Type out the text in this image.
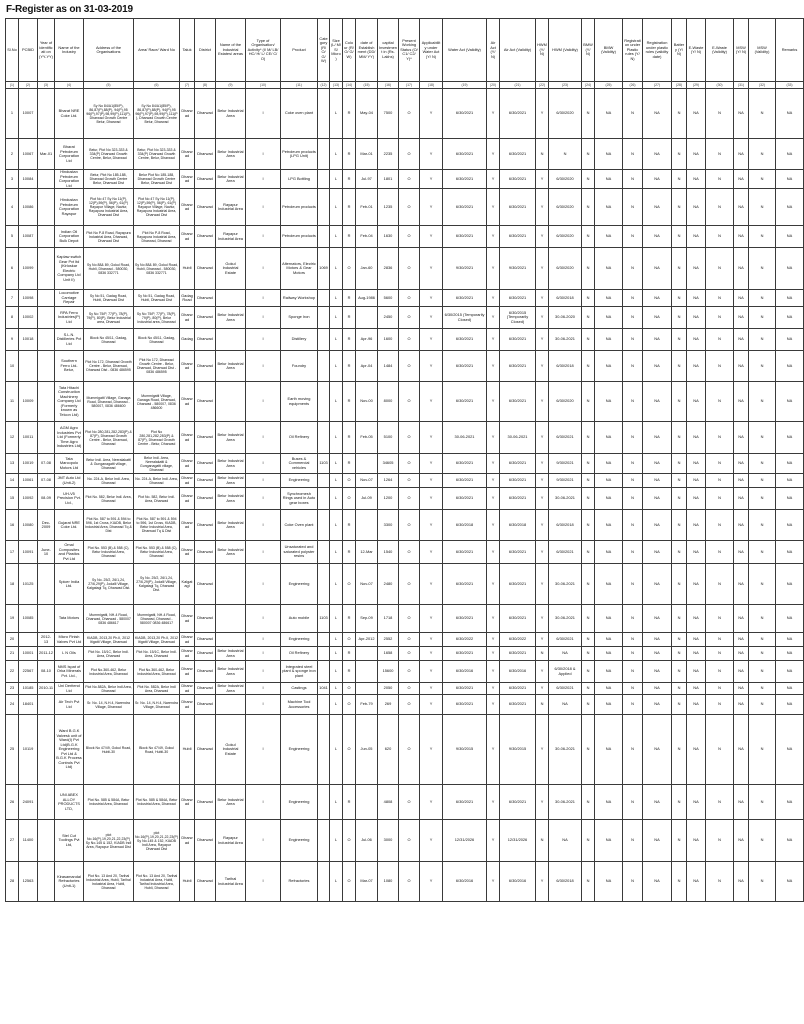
F-Register as on 31-03-2019
Sl.No	PCBID	Year of identificati on (YY-YY)	Name of the Industry	Address of the Organisations	Area/ Race/ Ward No	Taluk	District	Name of the Industrial Estates/ areas	Type of Organisation/ Activity* (I/ M/ LB/ HC/ H/ L/ CE/ C/ O)	Product	Category (R/ O/ G/ W)	Size (L/ M/ S/ Micro)	Colour (R/ O/ G/ W)	date of Establishment (DD/ MM/ YY)	capital Investment in (Rs. Lakhs)	Present Working Status (O/ C1/ C2/ Y)*	Applicability under Water Act (Y/ N)	Water Act (Validity)	Air Act (Y/ N)	Air Act (Validity)	HWM (Y/ N)	HWM (Validity)	BMW (Y/ N)	BMW (Validity)	Registration under Plastic rules (Y/ N)	Registration under plastic rules (validity date)	Battery (Y/ N)	E-Waste (Y/ N)	E-Waste (Validity)	MSW (Y/ N)	MSW (Validity)	Remarks	
(1)	(2)	(3)	(4)	(5)	(6)	(7)	(8)	(9)	(10)	(11)	(12)	(13)	(14)	(15)	(16)	(17)	(18)	(19)	(20)	(21)	(22)	(23)	(24)	(25)	(26)	(27)	(28)	(29)	(30)	(31)	(32)	(33)	
1	10007		Bharat NRE Coke Ltd.	Sy No 84/A1(85/P), 86,87(P),88(P), 94(P),95 96(P),97(P),98,99(P),111(P), Dharwad Growth Centre Belur, Dharwad	Sy No 84/A1(85/P), 86,87(P),88(P), 94(P),95 96(P),97(P),98,99(P),111(P), Dharwad Growth Centre Belur, Dharwad	Dharwad	Dharwad	Belur Industrial Area	I	Coke oven plant		L	R	May-04	7500	O	Y	6/30/2021	Y	6/30/2021	Y	6/30/2020	N	NA	N	NA	N	NA	N	NA	N	NA	
2	10067	Mar-01	Bharat Petroleum Corporation Ltd	Belur, Plot No 323-333 & 334(P) Dharwad Growth Centre, Belur, Dharwad	Belur, Plot No 323-333 & 334(P) Dharwad Growth Centre, Belur, Dharwad	Dharwad	Dharwad	Belur Industrial Area	I	Petroleum products (LPG Unit)		L	R	Mar-01	2235	O	Y	6/30/2021	Y	6/30/2021	N	N	N	NA	N	NA	N	NA	N	NA	N	NA	
3	10084		Hindustan Petroleum Corporation Ltd	Belur, Plot No 185-188, Dharwad Growth Centre Belur, Dharwad Dist	Belur Plot No 185-188, Dharwad Growth Centre Belur, Dharwad Dist	Dharwad	Dharwad	Belur Industrial Area	I	LPG Bottling		L	R	Jul-97	1801	O	Y	6/30/2021	Y	6/30/2021	Y	6/30/2020	N	NA	N	NA	N	NA	N	NA	N	NA	
4	10086		Hindustan Petroleum Corporation Rayapur	Plot No 47 Sy No 11(P), 12(P),59(P), 56(P), 61(P) Rayapur Village, Navlur, Rayapura Industrial Area, Dharwad Dist	Plot No 47 Sy No 11(P), 12(P),59(P), 56(P), 61(P) Rayapur Village, Navlur, Rayapura Industrial Area, Dharwad Dist	Dharwad	Dharwad	Rayapur Industrial Area	I	Petroleum products		L	R	Feb-01	1235	O	Y	6/30/2021	Y	6/30/2021	Y	6/30/2020	N	NA	N	NA	N	NA	N	NA	N	NA	
5	10087		Indian Oil Corporation Bulk Depot	Plot No P-8 Road, Rayapura Industrial Area, Dharwad, Dharwad Dist	Plot No P-8 Road, Rayapura Industrial Area, Dharwad, Dharwad	Dharwad	Dharwad	Rayapur Industrial Area	I	Petroleum products		L	R	Feb-04	1630	O	Y	6/30/2021	Y	6/30/2021	Y	6/30/2020	N	NA	N	NA	N	NA	N	NA	N	NA	
6	10099		Kaplaw switch Gear Pvt ltd (Kirloskar Electric Company Ltd Unit II)	Sy No 88& 89, Gokul Road, Hubli, Dharwad - 580030, 0836 332771	Sy No 88& 89, Gokul Road, Hubli, Dharwad - 580030, 0836 332771	Hubli	Dharwad	Gokul Industrial Estate	I	Alternators, Electric Motors & Gear Motors	1069	L	O	Jan-60	2836	O	Y	9/30/2021	Y	9/30/2021	Y	6/30/2020	N	NA	N	NA	N	NA	N	NA	N	NA	
7	10098		Locomotive Carriage Repair	Sy No 51, Gadag Road, Hubli, Dharwad Dist	Sy No 51, Gadag Road, Hubli, Dharwad Dist	Gadag Road	Dharwad		I	Railway Workshop		L	R	Aug-1986	5600	O	Y	6/30/2021	Y	6/30/2021	Y	6/30/2018	N	NA	N	NA	N	NA	N	NA	N	NA	
8	10002		RPA Ferro Industries(P) Ltd	Sy No 75/P, 77(P), 78(P), 79(P), 80(P), Belur Industrial area, Dharwad	Sy No 75/P, 77(P), 78(P), 79(P), 80(P), Belur Industrial area, Dharwad	Dharwad	Dharwad	Belur Industrial Area	I	Sponge Iron		L	R		2450	O	Y	6/30/2015 (Temporarily Closed)	Y	6/30/2015 (Temporarily Closed)	Y	30-06-2020	N	NA	N	NA	N	NA	N	NA	N	NA	
9	10018		S.L.N. Distilleries Pvt Ltd	Block No 45/11, Gadag, Dharwad	Block No 45/11, Gadag, Dharwad	Gadag	Dharwad		I	Distillery		L	R	Apr-96	1600	O	Y	6/30/2021	Y	6/30/2021	Y	30-06-2021	N	NA	N	NA	N	NA	N	NA	N	NA	
10			Southern Ferro Ltd-Belur,	Plot No 172, Dharwad Growth Centre - Belur, Dharwad, Dharwad Dist - 0836 486595	Plot No 172, Dharwad Growth Centre - Belur, Dharwad, Dharwad Dist - 0836 486595	Dharwad	Dharwad	Belur Industrial Area	I	Foundry		L	R	Apr-04	1484	O	Y	6/30/2021	Y	6/30/2021	Y	6/30/2018	N	NA	N	NA	N	NA	N	NA	N	NA	
11	10009		Tata Hitachi Construction Machinery Company Ltd (Formerly known as Telcon Ltd)	Mummigatti Village, Ganaga Road, Dharwad, Dharwad - 580007, 0836 486600	Mummigatti Village, Ganaga Road, Dharwad, Dharwad - 580007, 0836 486600	Dharwad	Dharwad		I	Earth moving equipments		L	R	Nov-00	8000	O	Y	6/30/2021	Y	6/30/2021	Y	6/30/2020	N	NA	N	NA	N	NA	N	NA	N	NA	
12	10011		AGM Agro Industries Pvt Ltd (Formerly Time Agro Industries Ltd)	Plot No 280,281,282,283(P) & 87(P), Dharwad Growth Centre - Belur, Dharwad, Dharwad	Plot No 280,281,282,283(P) & 87(P), Dharwad Growth Centre - Belur, Dharwad	Dharwad	Dharwad	Belur Industrial Area	I	Oil Refinery		L	R	Feb-05	5100	O	Y	30-06-2021	Y	30-06-2021	Y	6/30/2021	N	NA	N	NA	N	NA	N	NA	N	NA	
13	10019	07-08	Tata Marcopolo Motors Ltd	Belur Indl. Area, Neeralakatti & Gunganagatti village, Dharwad	Belur Indl. Area, Neeralakatti & Gunganagatti village, Dharwad	Dharwad	Dharwad	Belur Industrial Area	I	Buses & Commercial vehicles	1103	L	R		34605	O	Y	6/30/2021	Y	6/30/2021	Y	9/30/2021	N	NA	N	NA	N	NA	N	NA	N	NA	
14	10061	07-08	JMT Auto Ltd (Unit-2)	No. 224-A, Belur Indl. Area, Dharwad	No. 224-A, Belur Indl. Area, Dharwad	Dharwad	Dharwad	Belur Industrial Area	I	Engineering		L	O	Nov-07	1264	O	Y	6/30/2021	Y	6/30/2021	Y	9/30/2021	N	NA	N	NA	N	NA	N	NA	N	NA	
15	10092	08-09	UH-V5 Precision Pvt. Ltd.,	Plot No. 582, Belur Indl. Area, Dharwad	Plot No. 582, Belur Indl. Area, Dharwad	Dharwad	Dharwad	Belur Industrial Area	I	Synchromesh Rings used in Auto gear boxes		L	O	Jul-09	1200	O	Y	6/30/2021	Y	6/30/2021	Y	30-06-2021	N	NA	N	NA	N	NA	N	NA	N	NA	
16	10080	Dec-2009	Gujarat NRE Coke Ltd.	Plot No. 587 to 591 & 594 to 596, 1st Cross, KIADB, Belur Industrial Area, Dharwad Tq & Dist	Plot No. 587 to 591 & 594 to 596, 1st Cross, KIADB, Belur Industrial Area, Dharwad Tq & Dist	Dharwad	Dharwad	Belur Industrial Area	I	Coke Oven plant		L	R		3300	O	Y	6/30/2018	Y	6/30/2018	Y	6/30/2018	N	NA	N	NA	N	NA	N	NA	N	NA	
17	10091	June-10	Omal Composites and Plastics Pvt Ltd	Plot No. 553 (B) & 558 (C), Belur Industrial Area, Dharwad	Plot No. 553 (B) & 558 (C), Belur Industrial Area, Dharwad	Dharwad	Dharwad	Belur Industrial Area	I	Unsaturated and saturated polyster resins		L	R	12-Mar	1540	O	Y	6/30/2021	Y	6/30/2021	Y	6/30/2021	N	NA	N	NA	N	NA	N	NA	N	NA	
18	10125		Spicer India Ltd.	Sy No. 25/2, 26/1,24, 27/6,29(P), Jodalli Village, Kalgatagi Tq, Dharwad Dist.	Sy No. 25/2, 26/1,24, 27/6,29(P), Jodalli Village, Kalgatagi Tq, Dharwad Dist.	Kalgatagi	Dharwad		I	Engineering		L	O	Nov-07	2480	O	Y	6/30/2021	Y	6/30/2021	Y	30-06-2021	N	NA	N	NA	N	NA	N	NA	N	NA	
19	10085		Tata Motors	Mummigatti, NH-4 Road, Dharwad, Dharwad - 580007 0836 486617	Mummigatti, NH-4 Road, Dharwad, Dharwad - 580007 0836 486617	Dharwad	Dharwad		I	Auto mobile	1103	L	R	Sep-09	1718	O	Y	6/30/2021	Y	6/30/2021	Y	30-06-2021	N	NA	N	NA	N	NA	N	NA	N	NA	
20		2012-13	Micro Finish Valves Pvt Ltd	KIADB, 2013,20 Ph.II, 2012 Itigatti Village, Dharwad	KIADB, 2013,20 Ph.II, 2012 Itigatti Village, Dharwad	Dharwad	Dharwad		I	Engineering		L	O	Apr-2012	2552	O	Y	6/30/2022	Y	6/30/2022	Y	6/30/2021	N	NA	N	NA	N	NA	N	NA	N	NA	
21	10001	2011-12	L N Oils	Plot No. 15/1C, Belur Indl. Area, Dharwad	Plot No. 15/1C, Belur Indl. Area, Dharwad	Dharwad	Dharwad	Belur Industrial Area	I	Oil Refinery		L	R		1658	O	Y	6/30/2021	Y	6/30/2021	N	NA	N	NA	N	NA	N	NA	N	NA	N	NA	
22	22567	08-10	NMS Ispat of Orka Minerals Pvt. Ltd.,	Plot No.360-462, Belur Industrial Area, Dharwad	Plot No.360-462, Belur Industrial Area, Dharwad	Dharwad	Dharwad	Belur Industrial Area	I	Integrated steel plant & sponge iron plant		L	R		15600	O	Y	6/30/2016	Y	6/30/2016	Y	6/30/2018 & Applied	N	NA	N	NA	N	NA	N	NA	N	NA	
23	10185	2010-11	Uni Deritend Ltd	Plot No.582A, Belur Indl Area, Dharwad	Plot No. 582A, Belur Indl Area, Dharwad	Dharwad	Dharwad	Belur Industrial Area	I	Castings	1041	L	O		2050	O	Y	6/30/2021	Y	6/30/2021	Y	6/30/2021	N	NA	N	NA	N	NA	N	NA	N	NA	
24	18401		Air Tech Pvt Ltd	Sr. No. 14, N.H.4, Narendra Village, Dharwad	Sr. No. 14, N.H.4, Narendra Village, Dharwad	Dharwad	Dharwad		I	Machine Tool Accessories		L	O	Feb-79	269	O	Y	6/30/2021	Y	6/30/2021	N	NA	N	NA	N	NA	N	NA	N	NA	N	NA	
25	10119		Ward B.G.K Valvesk unit of Ward(I) Pvt Ltd(B.G.K Engineering Pvt Ltd & B.G.K Process Controls Pvt Ltd)	Block No 47/49, Gokul Road, Hubli-30	Block No 47/49, Gokul Road, Hubli-30	Hubli	Dharwad	Gokul Industrial Estate	I	Engineering		L	O	Jun-05	620	O	Y	9/30/2015	Y	9/30/2015	Y	30-06-2021	N	NA	N	NA	N	NA	N	NA	N	NA	
26	24091		UNI ABEX ALLOY PRODUCTS LTD,	Plot No. 585 & 584A, Belur Industrial Area, Dharwad	Plot No. 585 & 584A, Belur Industrial Area, Dharwad	Dharwad	Dharwad	Belur Industrial Area	I	Engineering		L	R		4808	O	Y	6/30/2021	Y	6/30/2021	Y	30-06-2021	N	NA	N	NA	N	NA	N	NA	N	NA	
27	11400		Stel Cut Toolings Pvt Ltd,	plot No.16(P),19,20,21,22,23(P) Sy No.145 & 152, KIADB Indl Area, Rayapur Dharwad Dist	plot No.16(P),19,20,21,22,23(P) Sy No.145 & 152, KIADB Indl Area, Rayapur Dharwad Dist	Dharwad	Dharwad	Rayapur Industrial Area	I	Engineering		L	O	Jul-06	3000	O	Y	12/31/2026	Y	12/31/2026	N	NA	N	NA	N	NA	N	NA	N	NA	N	NA	
28	12563		Kirasamandal Refractories (Unit-1)	Plot No. 13 And 20, Tarihal Industrial Area, Hubli, Tarihal Industrial Area, Hubli, Dharwad	Plot No. 13 And 20, Tarihal Industrial Area, Hubli, Tarihal Industrial Area, Hubli, Dharwad	Hubli	Dharwad	Tarihal Industrial Area	I	Refractories		L	O	Mar-07	1080	O	Y	6/30/2016	Y	6/30/2016	Y	6/30/2018	N	NA	N	NA	N	NA	N	NA	N	NA	
